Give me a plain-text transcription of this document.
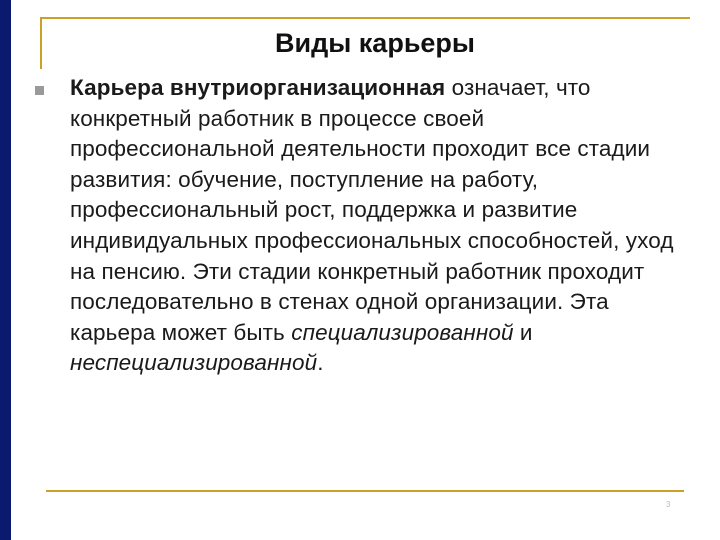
Виды карьеры
Карьера внутриорганизационная означает, что конкретный работник в процессе своей профессиональной деятельности проходит все стадии развития: обучение, поступление на работу, профессиональный рост, поддержка и развитие индивидуальных профессиональных способностей, уход на пенсию. Эти стадии конкретный работник проходит последовательно в стенах одной организации. Эта карьера может быть специализированной и неспециализированной.
3
